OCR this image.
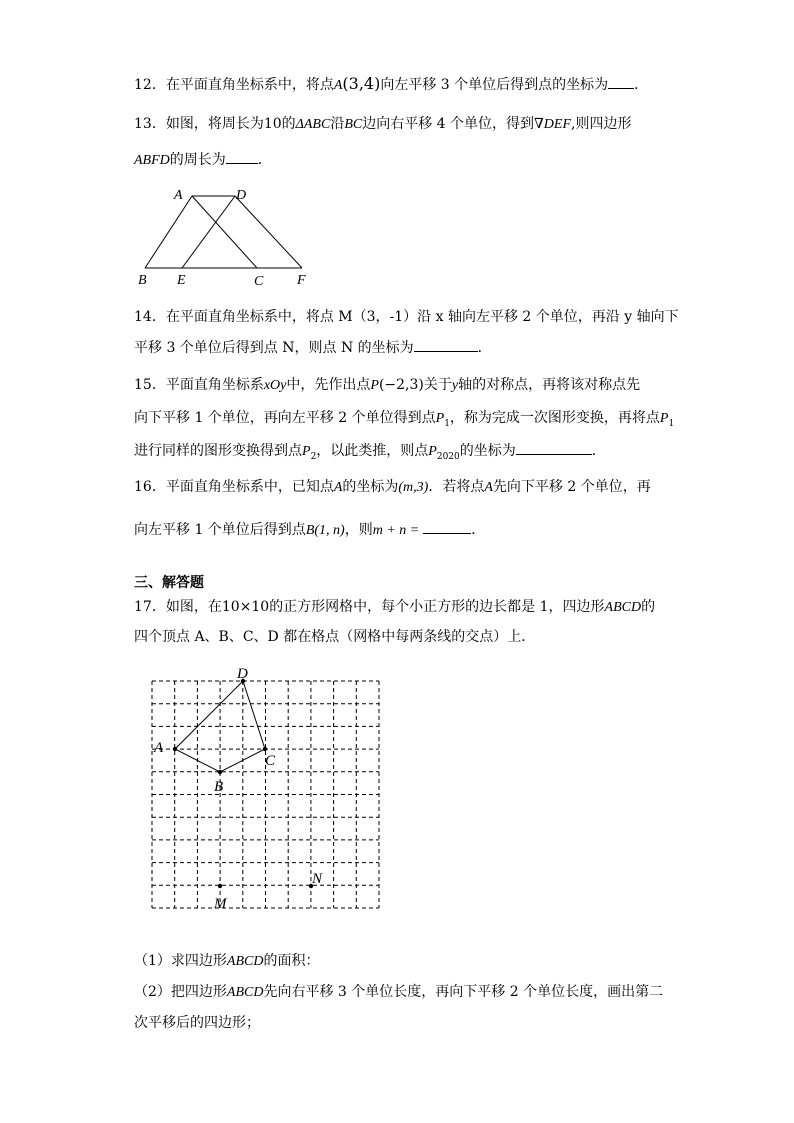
12．在平面直角坐标系中，将点A(3,4)向左平移 3 个单位后得到点的坐标为 ．
13．如图，将周长为10的ΔABC沿BC边向右平移 4 个单位，得到∇DEF,则四边形
ABFD的周长为 ．
A	D
B E	C F
14．在平面直角坐标系中，将点 M（3，-1）沿 x 轴向左平移 2 个单位，再沿 y 轴向下
平移 3 个单位后得到点 N，则点 N 的坐标为	．
15．平面直角坐标系xOy中，先作出点P(−2,3)关于y轴的对称点，再将该对称点先
向下平移 1 个单位，再向左平移 2 个单位得到点$P_1$，称为完成一次图形变换，再将点$P_1$
进行同样的图形变换得到点$P_2$，以此类推，则点$P_{2020}$的坐标为	．
16．平面直角坐标系中，已知点A的坐标为(m,3)．若将点A先向下平移 2 个单位，再
向左平移 1 个单位后得到点B(1, n)，则m + n =	．
三、解答题
17．如图，在10×10的正方形网格中，每个小正方形的边长都是 1，四边形ABCD的
四个顶点 A、B、C、D 都在格点（网格中每两条线的交点）上．
D
A
B
C
N
M
（1）求四边形ABCD的面积：
（2）把四边形ABCD先向右平移 3 个单位长度，再向下平移 2 个单位长度，画出第二
次平移后的四边形；
